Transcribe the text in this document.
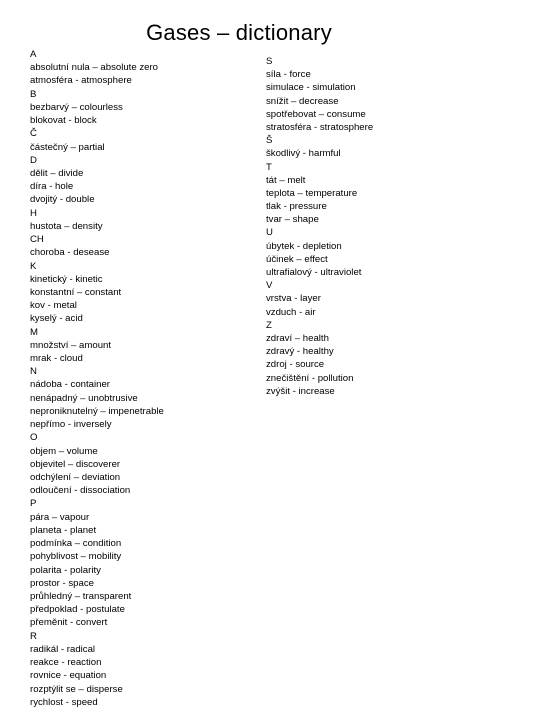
Gases – dictionary
A
absolutní nula – absolute zero
atmosféra - atmosphere
B
bezbarvý – colourless
blokovat - block
Č
částečný – partial
D
dělit – divide
díra - hole
dvojitý - double
H
hustota – density
CH
choroba - desease
K
kinetický - kinetic
konstantní – constant
kov - metal
kyselý - acid
M
množství – amount
mrak - cloud
N
nádoba - container
nenápadný – unobtrusive
neproniknutelný – impenetrable
nepřímo - inversely
O
objem – volume
objevitel – discoverer
odchýlení – deviation
odloučení - dissociation
P
pára – vapour
planeta - planet
podmínka – condition
pohyblivost – mobility
polarita - polarity
prostor - space
průhledný – transparent
předpoklad - postulate
přeměnit - convert
R
radikál - radical
reakce - reaction
rovnice - equation
rozptýlit se – disperse
rychlost - speed
S
síla - force
simulace - simulation
snížit – decrease
spotřebovat – consume
stratosféra - stratosphere
Š
škodlivý - harmful
T
tát – melt
teplota – temperature
tlak - pressure
tvar – shape
U
úbytek - depletion
účinek – effect
ultrafialový - ultraviolet
V
vrstva - layer
vzduch - air
Z
zdraví – health
zdravý - healthy
zdroj - source
znečištění - pollution
zvýšit - increase
